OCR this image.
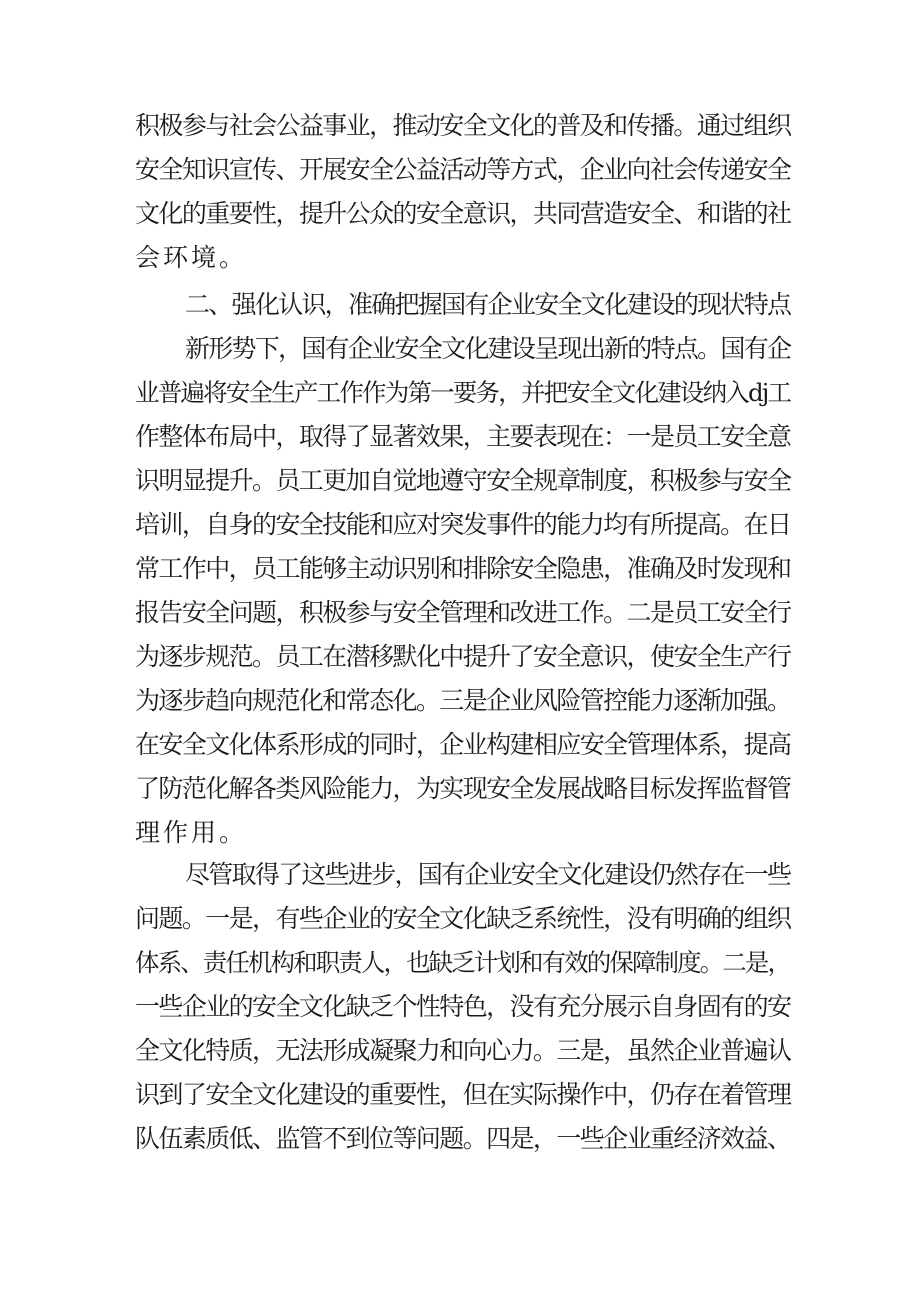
积极参与社会公益事业，推动安全文化的普及和传播。通过组织
安全知识宣传、开展安全公益活动等方式，企业向社会传递安全
文化的重要性，提升公众的安全意识，共同营造安全、和谐的社
会环境。
二、强化认识，准确把握国有企业安全文化建设的现状特点
新形势下，国有企业安全文化建设呈现出新的特点。国有企
业普遍将安全生产工作作为第一要务，并把安全文化建设纳入dj工
作整体布局中，取得了显著效果，主要表现在：一是员工安全意
识明显提升。员工更加自觉地遵守安全规章制度，积极参与安全
培训，自身的安全技能和应对突发事件的能力均有所提高。在日
常工作中，员工能够主动识别和排除安全隐患，准确及时发现和
报告安全问题，积极参与安全管理和改进工作。二是员工安全行
为逐步规范。员工在潜移默化中提升了安全意识，使安全生产行
为逐步趋向规范化和常态化。三是企业风险管控能力逐渐加强。
在安全文化体系形成的同时，企业构建相应安全管理体系，提高
了防范化解各类风险能力，为实现安全发展战略目标发挥监督管
理作用。
尽管取得了这些进步，国有企业安全文化建设仍然存在一些
问题。一是，有些企业的安全文化缺乏系统性，没有明确的组织
体系、责任机构和职责人，也缺乏计划和有效的保障制度。二是，
一些企业的安全文化缺乏个性特色，没有充分展示自身固有的安
全文化特质，无法形成凝聚力和向心力。三是，虽然企业普遍认
识到了安全文化建设的重要性，但在实际操作中，仍存在着管理
队伍素质低、监管不到位等问题。四是，一些企业重经济效益、
